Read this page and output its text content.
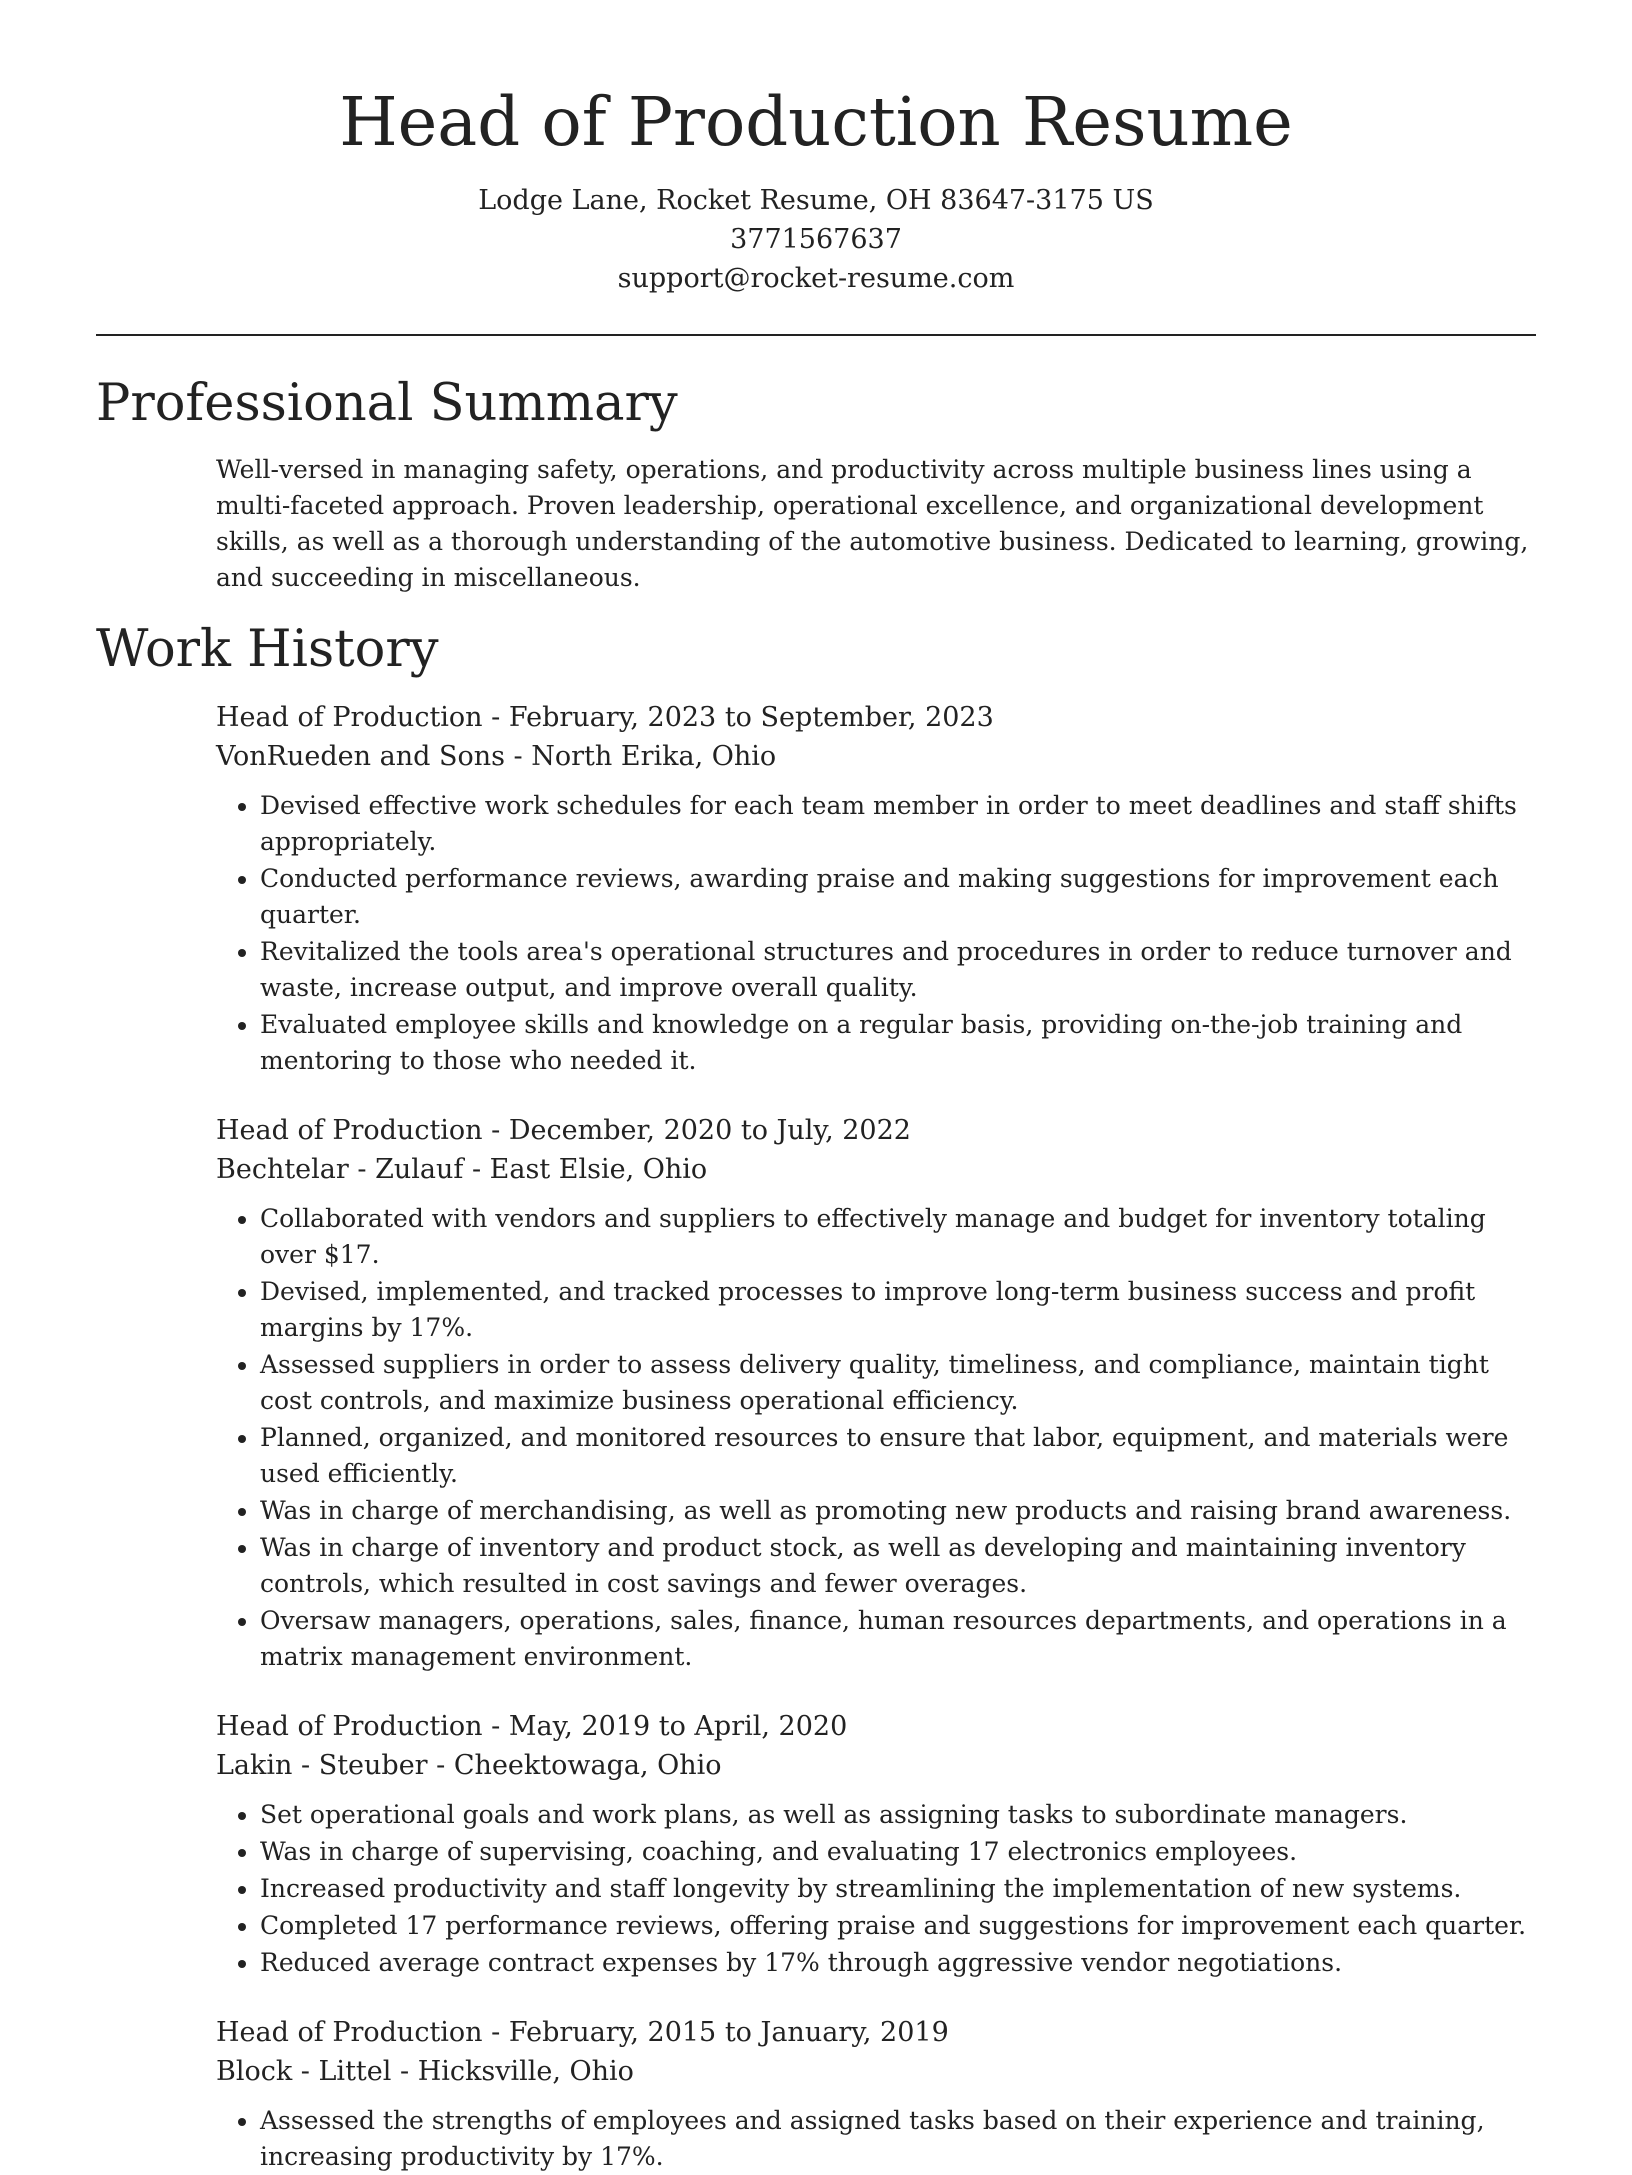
Head of Production Resume

Lodge Lane, Rocket Resume, OH 83647-3175 US

3771567637

support@rocket-resume.com

Professional Summary

Well-versed in managing safety, operations, and productivity across multiple business lines using a multi-faceted approach. Proven leadership, operational excellence, and organizational development skills, as well as a thorough understanding of the automotive business. Dedicated to learning, growing, and succeeding in miscellaneous.

Work History

Head of Production - February, 2023 to September, 2023

VonRueden and Sons - North Erika, Ohio

• Devised effective work schedules for each team member in order to meet deadlines and staff shifts appropriately.
• Conducted performance reviews, awarding praise and making suggestions for improvement each quarter.
• Revitalized the tools area's operational structures and procedures in order to reduce turnover and waste, increase output, and improve overall quality.
• Evaluated employee skills and knowledge on a regular basis, providing on-the-job training and mentoring to those who needed it.

Head of Production - December, 2020 to July, 2022

Bechtelar - Zulauf - East Elsie, Ohio

• Collaborated with vendors and suppliers to effectively manage and budget for inventory totaling over $17.
• Devised, implemented, and tracked processes to improve long-term business success and profit margins by 17%.
• Assessed suppliers in order to assess delivery quality, timeliness, and compliance, maintain tight cost controls, and maximize business operational efficiency.
• Planned, organized, and monitored resources to ensure that labor, equipment, and materials were used efficiently.
• Was in charge of merchandising, as well as promoting new products and raising brand awareness.
• Was in charge of inventory and product stock, as well as developing and maintaining inventory controls, which resulted in cost savings and fewer overages.
• Oversaw managers, operations, sales, finance, human resources departments, and operations in a matrix management environment.

Head of Production - May, 2019 to April, 2020

Lakin - Steuber - Cheektowaga, Ohio

• Set operational goals and work plans, as well as assigning tasks to subordinate managers.
• Was in charge of supervising, coaching, and evaluating 17 electronics employees.
• Increased productivity and staff longevity by streamlining the implementation of new systems.
• Completed 17 performance reviews, offering praise and suggestions for improvement each quarter.
• Reduced average contract expenses by 17% through aggressive vendor negotiations.

Head of Production - February, 2015 to January, 2019

Block - Littel - Hicksville, Ohio

• Assessed the strengths of employees and assigned tasks based on their experience and training, increasing productivity by 17%.
